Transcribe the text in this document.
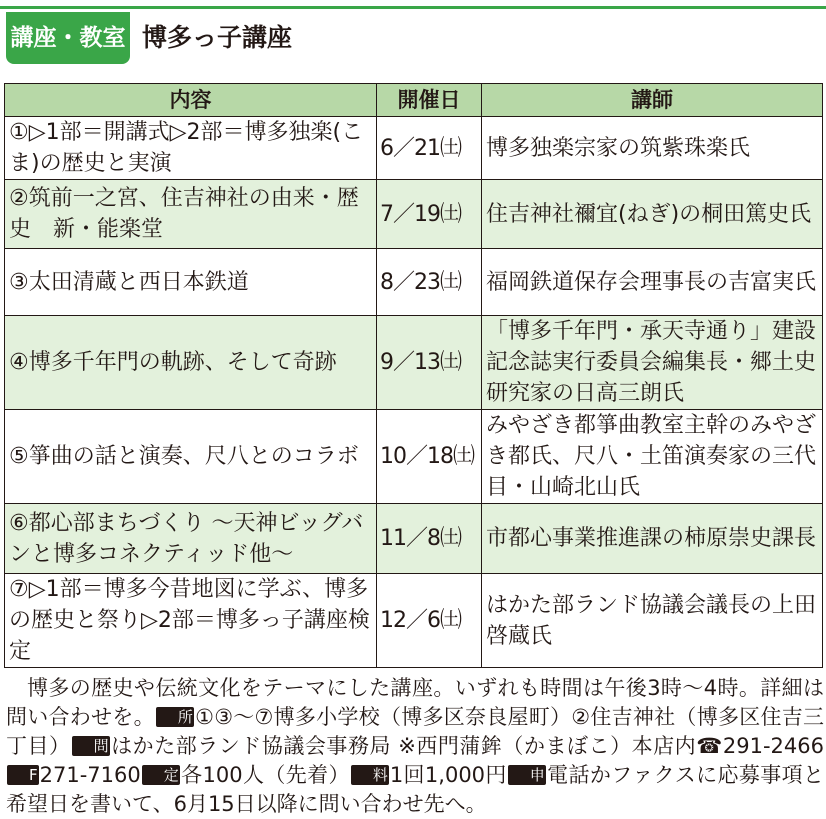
講座・教室 博多っ子講座
内容	開催日	講師
①▷1部＝開講式▷2部＝博多独楽(こま)の歴史と実演	6／21㈯	博多独楽宗家の筑紫珠楽氏
②筑前一之宮、住吉神社の由来・歴史　新・能楽堂	7／19㈯	住吉神社禰宜(ねぎ)の桐田篤史氏
③太田清蔵と西日本鉄道	8／23㈯	福岡鉄道保存会理事長の吉富実氏
④博多千年門の軌跡、そして奇跡	9／13㈯	「博多千年門・承天寺通り」建設記念誌実行委員会編集長・郷土史研究家の日高三朗氏
⑤箏曲の話と演奏、尺八とのコラボ	10／18㈯	みやざき都箏曲教室主幹のみやざき都氏、尺八・土笛演奏家の三代目・山崎北山氏
⑥都心部まちづくり ～天神ビッグバンと博多コネクティッド他～	11／8㈯	市都心事業推進課の柿原崇史課長
⑦▷1部＝博多今昔地図に学ぶ、博多の歴史と祭り▷2部＝博多っ子講座検定	12／6㈯	はかた部ランド協議会議長の上田啓蔵氏

博多の歴史や伝統文化をテーマにした講座。いずれも時間は午後3時～4時。詳細は問い合わせを。 所①③～⑦博多小学校（博多区奈良屋町）②住吉神社（博多区住吉三丁目） 問はかた部ランド協議会事務局 ※西門蒲鉾（かまぼこ）本店内☎291-2466F271-7160 定各100人（先着） 料1回1,000円 申電話かファクスに応募事項と希望日を書いて、6月15日以降に問い合わせ先へ。
